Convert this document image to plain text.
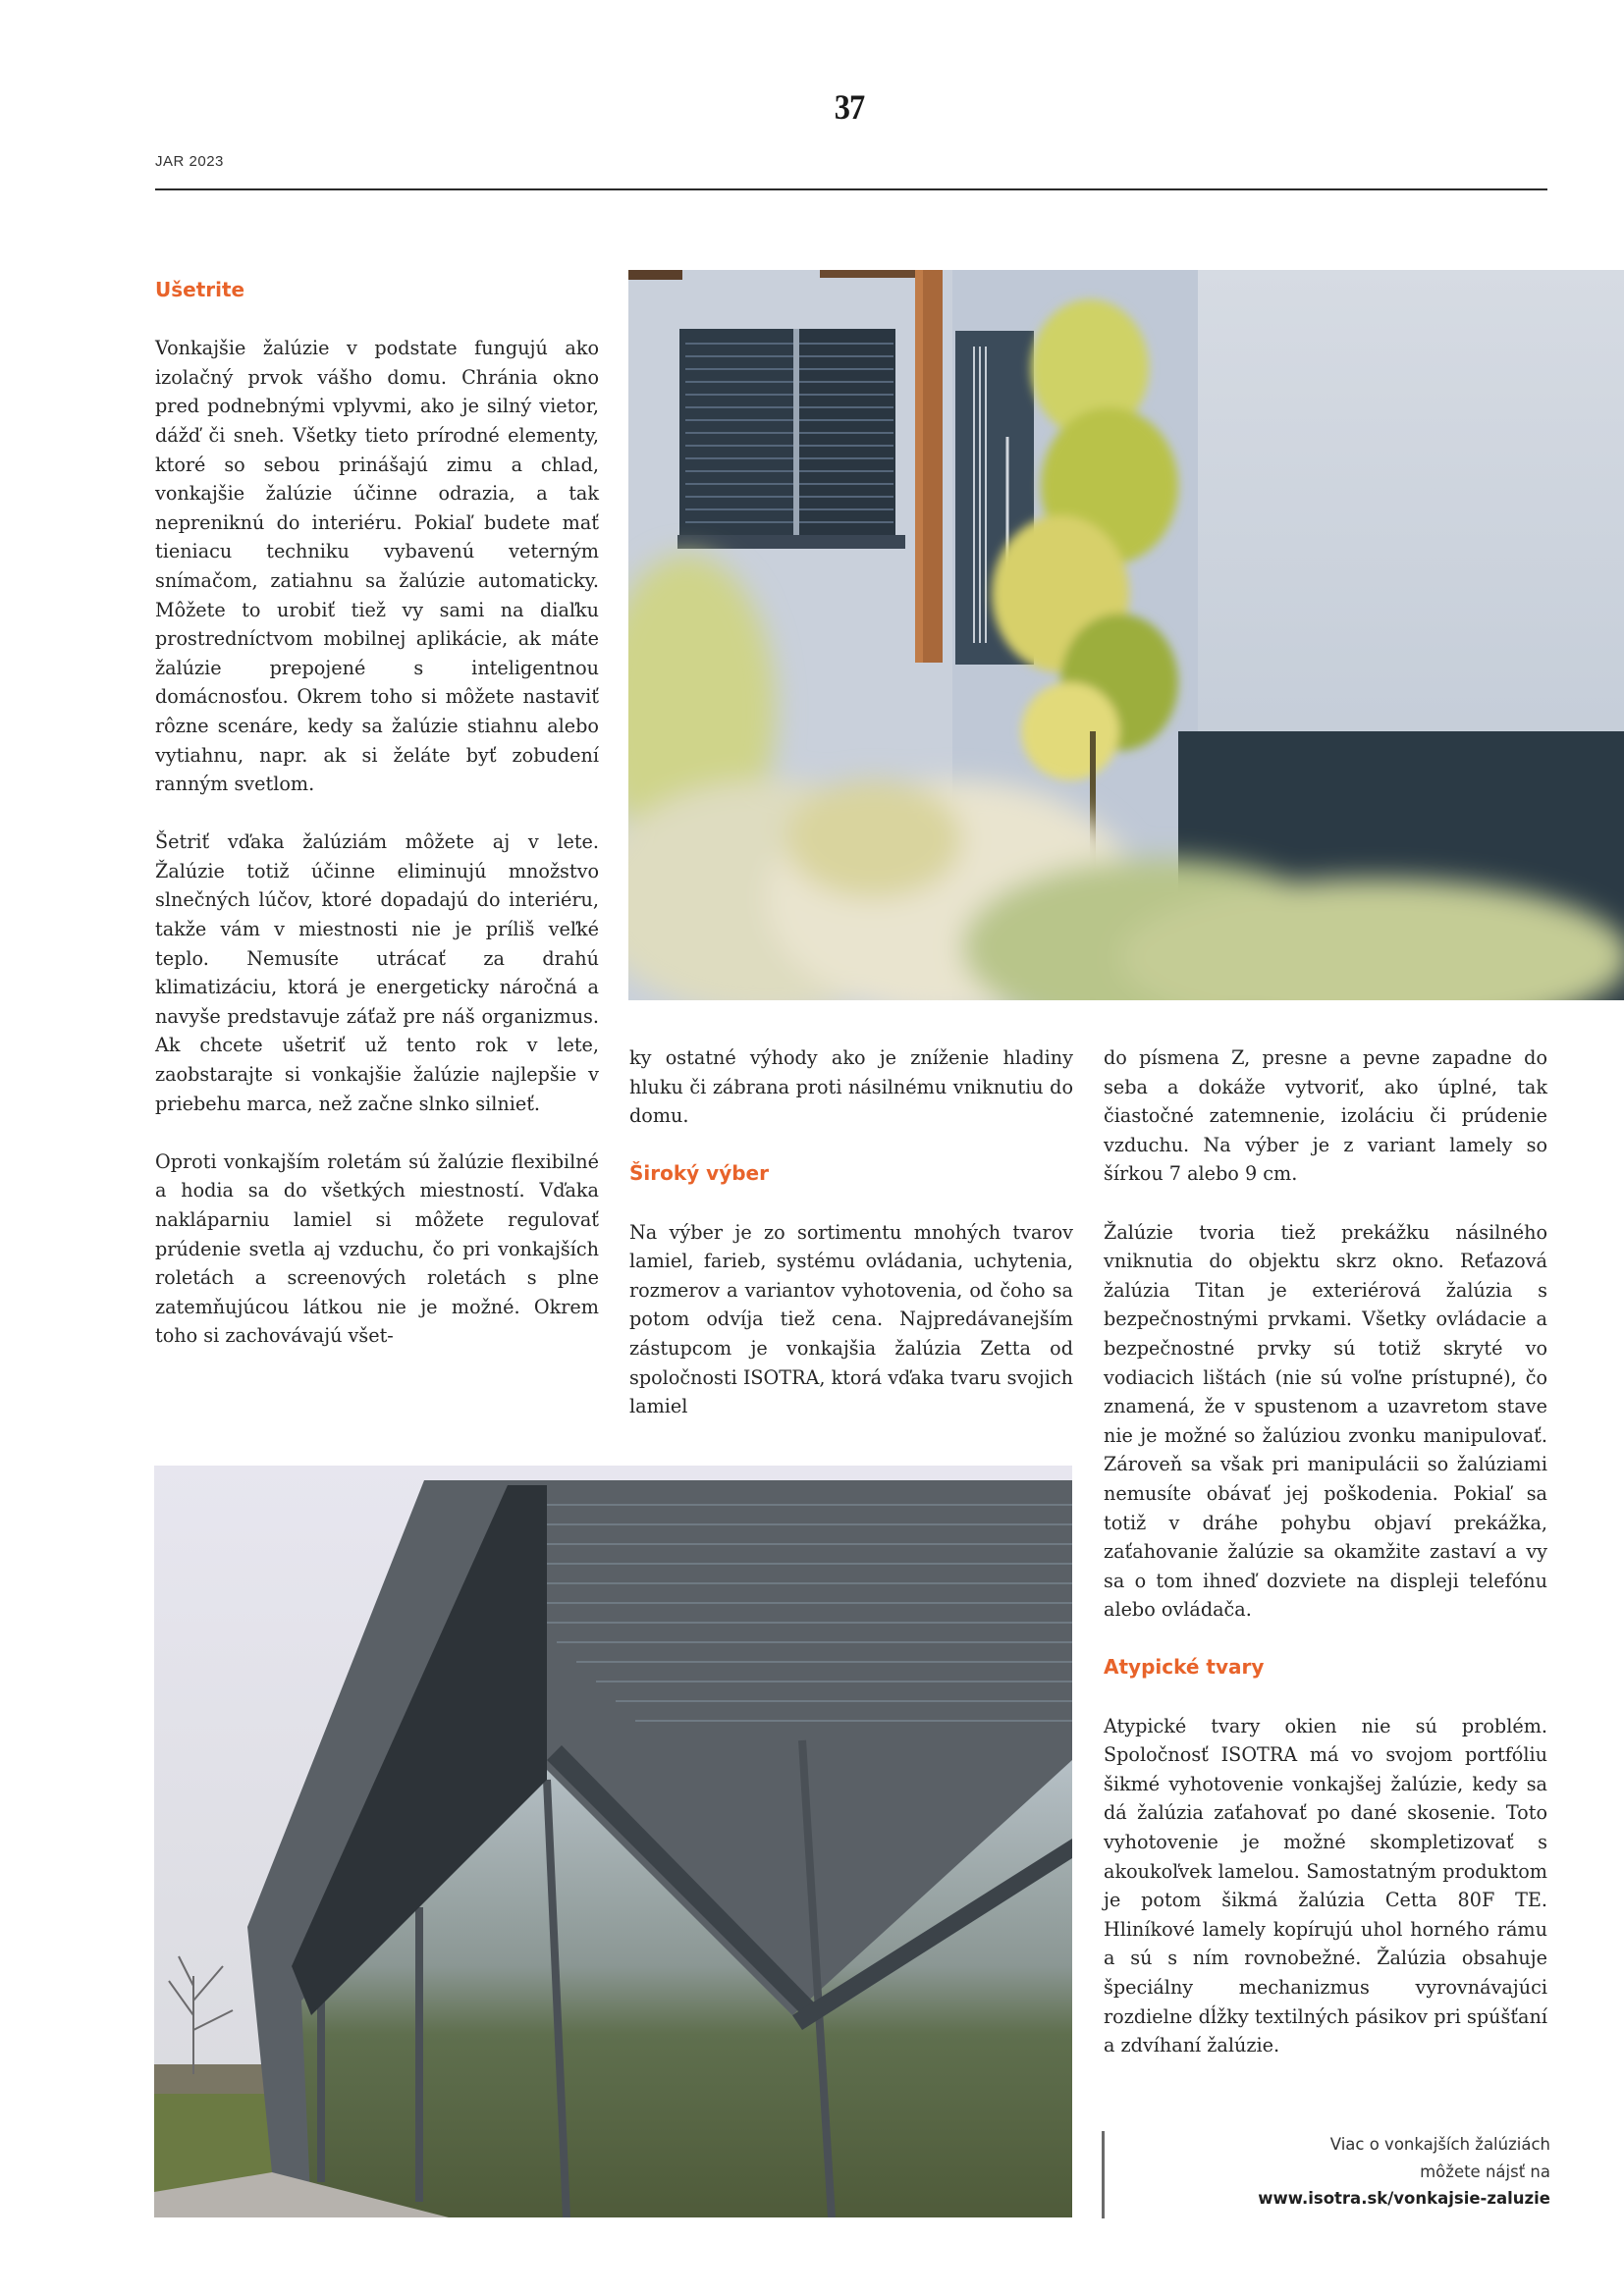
37
JAR 2023
Ušetrite

Vonkajšie žalúzie v podstate fungujú ako izolačný prvok vášho domu. Chránia okno pred podnebnými vplyvmi, ako je silný vietor, dážď či sneh. Všetky tieto prírodné elementy, ktoré so sebou prinášajú zimu a chlad, vonkajšie žalúzie účinne odrazia, a tak nepreniknú do interiéru. Pokiaľ budete mať tieniacu techniku vybavenú veterným snímačom, zatiahnu sa žalúzie automaticky. Môžete to urobiť tiež vy sami na diaľku prostredníctvom mobilnej aplikácie, ak máte žalúzie prepojené s inteligentnou domácnosťou. Okrem toho si môžete nastaviť rôzne scenáre, kedy sa žalúzie stiahnu alebo vytiahnu, napr. ak si želáte byť zobudení ranným svetlom.

Šetriť vďaka žalúziám môžete aj v lete. Žalúzie totiž účinne eliminujú množstvo slnečných lúčov, ktoré dopadajú do interiéru, takže vám v miestnosti nie je príliš veľké teplo. Nemusíte utrácať za drahú klimatizáciu, ktorá je energeticky náročná a navyše predstavuje záťaž pre náš organizmus. Ak chcete ušetriť už tento rok v lete, zaobstarajte si vonkajšie žalúzie najlepšie v priebehu marca, než začne slnko silnieť.

Oproti vonkajším roletám sú žalúzie flexibilné a hodia sa do všetkých miestností. Vďaka nakláparniu lamiel si môžete regulovať prúdenie svetla aj vzduchu, čo pri vonkajších roletách a screenových roletách s plne zatemňujúcou látkou nie je možné. Okrem toho si zachovávajú všet-

ky ostatné výhody ako je zníženie hladiny hluku či zábrana proti násilnému vniknutiu do domu.

Široký výber

Na výber je zo sortimentu mnohých tvarov lamiel, farieb, systému ovládania, uchytenia, rozmerov a variantov vyhotovenia, od čoho sa potom odvíja tiež cena. Najpredávanejším zástupcom je vonkajšia žalúzia Zetta od spoločnosti ISOTRA, ktorá vďaka tvaru svojich lamiel

do písmena Z, presne a pevne zapadne do seba a dokáže vytvoriť, ako úplné, tak čiastočné zatemnenie, izoláciu či prúdenie vzduchu. Na výber je z variant lamely so šírkou 7 alebo 9 cm.

Žalúzie tvoria tiež prekážku násilného vniknutia do objektu skrz okno. Reťazová žalúzia Titan je exteriérová žalúzia s bezpečnostnými prvkami. Všetky ovládacie a bezpečnostné prvky sú totiž skryté vo vodiacich lištách (nie sú voľne prístupné), čo znamená, že v spustenom a uzavretom stave nie je možné so žalúziou zvonku manipulovať. Zároveň sa však pri manipulácii so žalúziami nemusíte obávať jej poškodenia. Pokiaľ sa totiž v dráhe pohybu objaví prekážka, zaťahovanie žalúzie sa okamžite zastaví a vy sa o tom ihneď dozviete na displeji telefónu alebo ovládača.

Atypické tvary

Atypické tvary okien nie sú problém. Spoločnosť ISOTRA má vo svojom portfóliu šikmé vyhotovenie vonkajšej žalúzie, kedy sa dá žalúzia zaťahovať po dané skosenie. Toto vyhotovenie je možné skompletizovať s akoukoľvek lamelou. Samostatným produktom je potom šikmá žalúzia Cetta 80F TE. Hliníkové lamely kopírujú uhol horného rámu a sú s ním rovnobežné. Žalúzia obsahuje špeciálny mechanizmus vyrovnávajúci rozdielne dĺžky textilných pásikov pri spúšťaní a zdvíhaní žalúzie.

Viac o vonkajších žalúziách
môžete nájsť na
www.isotra.sk/vonkajsie-zaluzie
